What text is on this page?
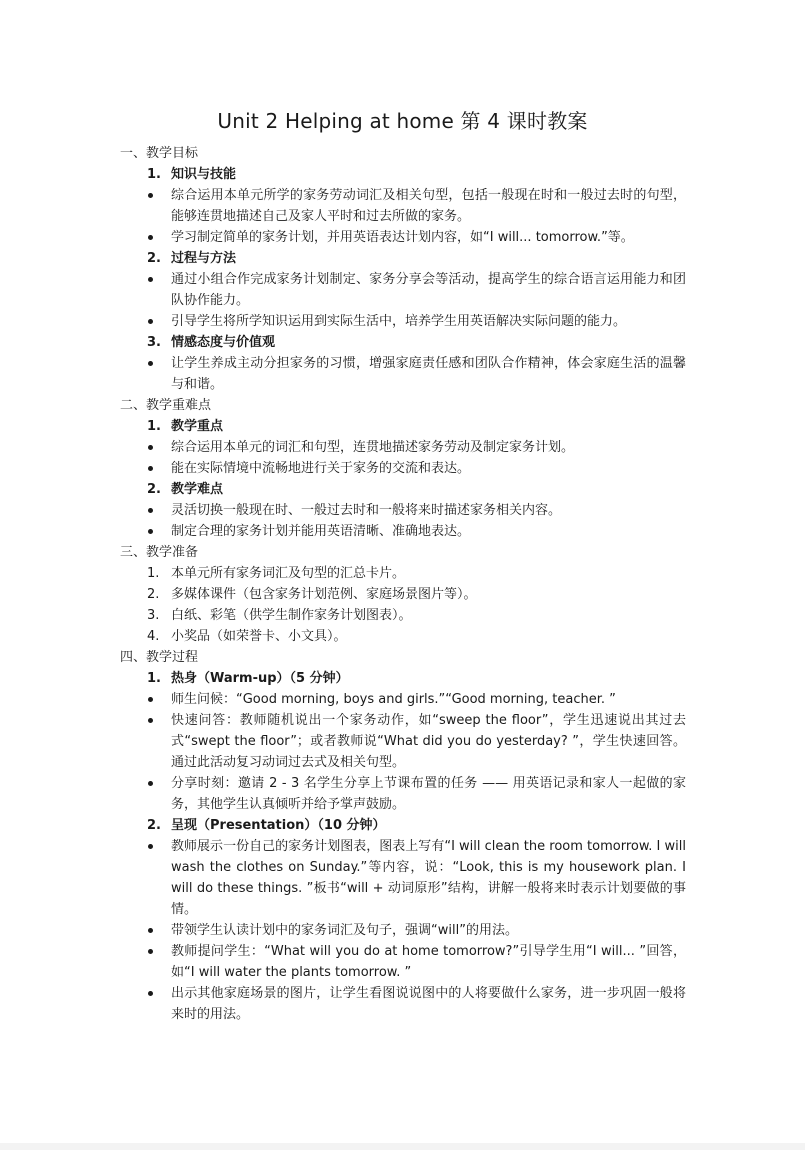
Unit 2 Helping at home 第 4 课时教案
一、教学目标
1. 知识与技能
综合运用本单元所学的家务劳动词汇及相关句型，包括一般现在时和一般过去时的句型，能够连贯地描述自己及家人平时和过去所做的家务。
学习制定简单的家务计划，并用英语表达计划内容，如“I will... tomorrow.”等。
2. 过程与方法
通过小组合作完成家务计划制定、家务分享会等活动，提高学生的综合语言运用能力和团队协作能力。
引导学生将所学知识运用到实际生活中，培养学生用英语解决实际问题的能力。
3. 情感态度与价值观
让学生养成主动分担家务的习惯，增强家庭责任感和团队合作精神，体会家庭生活的温馨与和谐。
二、教学重难点
1. 教学重点
综合运用本单元的词汇和句型，连贯地描述家务劳动及制定家务计划。
能在实际情境中流畅地进行关于家务的交流和表达。
2. 教学难点
灵活切换一般现在时、一般过去时和一般将来时描述家务相关内容。
制定合理的家务计划并能用英语清晰、准确地表达。
三、教学准备
1. 本单元所有家务词汇及句型的汇总卡片。
2. 多媒体课件（包含家务计划范例、家庭场景图片等）。
3. 白纸、彩笔（供学生制作家务计划图表）。
4. 小奖品（如荣誉卡、小文具）。
四、教学过程
1. 热身（Warm-up）（5 分钟）
师生问候：“Good morning, boys and girls.”“Good morning, teacher. ”
快速问答：教师随机说出一个家务动作，如“sweep the floor”，学生迅速说出其过去式“swept the floor”；或者教师说“What did you do yesterday? ”，学生快速回答。通过此活动复习动词过去式及相关句型。
分享时刻：邀请 2 - 3 名学生分享上节课布置的任务 —— 用英语记录和家人一起做的家务，其他学生认真倾听并给予掌声鼓励。
2. 呈现（Presentation）（10 分钟）
教师展示一份自己的家务计划图表，图表上写有“I will clean the room tomorrow. I will wash the clothes on Sunday.”等内容，说：“Look, this is my housework plan. I will do these things. ”板书“will + 动词原形”结构，讲解一般将来时表示计划要做的事情。
带领学生认读计划中的家务词汇及句子，强调“will”的用法。
教师提问学生：“What will you do at home tomorrow?”引导学生用“I will... ”回答，如“I will water the plants tomorrow. ”
出示其他家庭场景的图片，让学生看图说说图中的人将要做什么家务，进一步巩固一般将来时的用法。
